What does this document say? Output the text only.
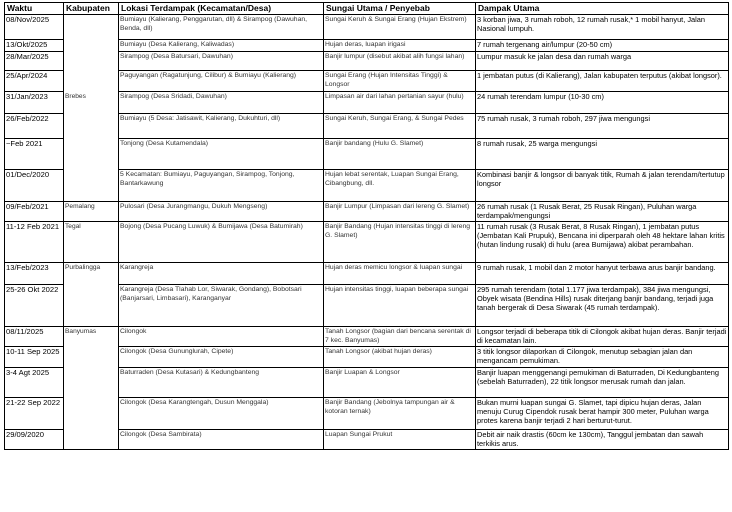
Waktu	Kabupaten	Lokasi Terdampak (Kecamatan/Desa)	Sungai Utama / Penyebab	Dampak Utama

08/Nov/2025		Bumiayu (Kalierang, Penggarutan, dll) & Sirampog (Dawuhan, Benda, dll)	Sungai Keruh & Sungai Erang (Hujan Ekstrem)	3 korban jiwa, 3 rumah roboh, 12 rumah rusak,* 1 mobil hanyut, Jalan Nasional lumpuh.

13/Okt/2025		Bumiayu (Desa Kalierang, Kaliwadas)	Hujan deras, luapan irigasi	7 rumah tergenang air/lumpur (20-50 cm)

28/Mar/2025		Sirampog (Desa Batursari, Dawuhan)	Banjir lumpur (disebut akibat alih fungsi lahan)	Lumpur masuk ke jalan desa dan rumah warga

25/Apr/2024		Paguyangan (Ragatunjung, Cilibur) & Bumiayu (Kalierang)	Sungai Erang (Hujan Intensitas Tinggi) & Longsor	1 jembatan putus (di Kalierang), Jalan kabupaten terputus (akibat longsor).

31/Jan/2023	Brebes	Sirampog (Desa Sridadi, Dawuhan)	Limpasan air dari lahan pertanian sayur (hulu)	24 rumah terendam lumpur (10-30 cm)

26/Feb/2022		Bumiayu (5 Desa: Jatisawit, Kalierang, Dukuhturi, dll)	Sungai Keruh, Sungai Erang, & Sungai Pedes	75 rumah rusak, 3 rumah roboh, 297 jiwa mengungsi

~Feb 2021		Tonjong (Desa Kutamendala)	Banjir bandang (Hulu G. Slamet)	8 rumah rusak, 25 warga mengungsi

01/Dec/2020		5 Kecamatan: Bumiayu, Paguyangan, Sirampog, Tonjong, Bantarkawung	Hujan lebat serentak, Luapan Sungai Erang, Cibangbung, dll.	Kombinasi banjir & longsor di banyak titik, Rumah & jalan terendam/tertutup longsor

09/Feb/2021	Pemalang	Pulosari (Desa Jurangmangu, Dukuh Mengseng)	Banjir Lumpur (Limpasan dari lereng G. Slamet)	26 rumah rusak (1 Rusak Berat, 25 Rusak Ringan), Puluhan warga terdampak/mengungsi

11-12 Feb 2021	Tegal	Bojong (Desa Pucang Luwuk) & Bumijawa (Desa Batumirah)	Banjir Bandang (Hujan intensitas tinggi di lereng G. Slamet)	11 rumah rusak (3 Rusak Berat, 8 Rusak Ringan), 1 jembatan putus (Jembatan Kali Prupuk), Bencana ini diperparah oleh 48 hektare lahan kritis (hutan lindung rusak) di hulu (area Bumijawa) akibat perambahan.

13/Feb/2023	Purbalingga	Karangreja	Hujan deras memicu longsor & luapan sungai	9 rumah rusak, 1 mobil dan 2 motor hanyut terbawa arus banjir bandang.

25-26 Okt 2022		Karangreja (Desa Tlahab Lor, Siwarak, Gondang), Bobotsari (Banjarsari, Limbasari), Karanganyar	Hujan intensitas tinggi, luapan beberapa sungai	295 rumah terendam (total 1.177 jiwa terdampak), 384 jiwa mengungsi, Obyek wisata (Bendina Hills) rusak diterjang banjir bandang, terjadi juga tanah bergerak di Desa Siwarak (45 rumah terdampak).

08/11/2025	Banyumas	Cilongok	Tanah Longsor (bagian dari bencana serentak di 7 kec. Banyumas)	Longsor terjadi di beberapa titik di Cilongok akibat hujan deras. Banjir terjadi di kecamatan lain.

10-11 Sep 2025		Cilongok (Desa Gununglurah, Cipete)	Tanah Longsor (akibat hujan deras)	3 titik longsor dilaporkan di Cilongok, menutup sebagian jalan dan mengancam pemukiman.

3-4 Agt 2025		Baturraden (Desa Kutasari) & Kedungbanteng	Banjir Luapan & Longsor	Banjir luapan menggenangi pemukiman di Baturraden, Di Kedungbanteng (sebelah Baturraden), 22 titik longsor merusak rumah dan jalan.

21-22 Sep 2022		Cilongok (Desa Karangtengah, Dusun Menggala)	Banjir Bandang (Jebolnya tampungan air & kotoran ternak)	Bukan murni luapan sungai G. Slamet, tapi dipicu hujan deras, Jalan menuju Curug Cipendok rusak berat hampir 300 meter, Puluhan warga protes karena banjir terjadi 2 hari berturut-turut.

29/09/2020		Cilongok (Desa Sambirata)	Luapan Sungai Prukut	Debit air naik drastis (60cm ke 130cm), Tanggul jembatan dan sawah terkikis arus.
